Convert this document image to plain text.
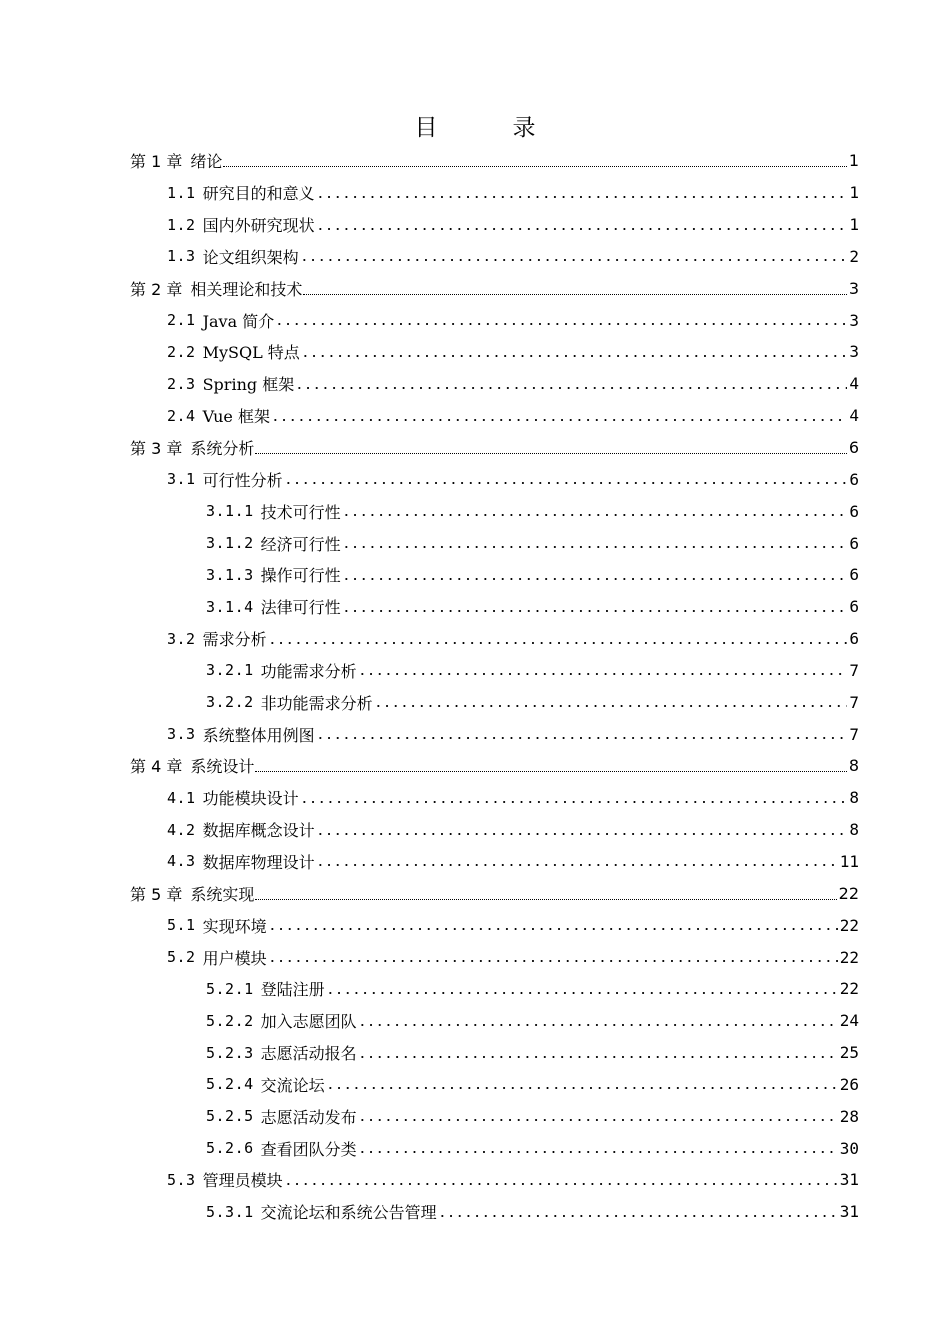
目　录
第 1 章 绪论	1
1.1 研究目的和意义	1
1.2 国内外研究现状	1
1.3 论文组织架构	2
第 2 章 相关理论和技术	3
2.1 Java 简介	3
2.2 MySQL 特点	3
2.3 Spring 框架	4
2.4 Vue 框架	4
第 3 章 系统分析	6
3.1 可行性分析	6
3.1.1 技术可行性	6
3.1.2 经济可行性	6
3.1.3 操作可行性	6
3.1.4 法律可行性	6
3.2 需求分析	6
3.2.1 功能需求分析	7
3.2.2 非功能需求分析	7
3.3 系统整体用例图	7
第 4 章 系统设计	8
4.1 功能模块设计	8
4.2 数据库概念设计	8
4.3 数据库物理设计	11
第 5 章 系统实现	22
5.1 实现环境	22
5.2 用户模块	22
5.2.1 登陆注册	22
5.2.2 加入志愿团队	24
5.2.3 志愿活动报名	25
5.2.4 交流论坛	26
5.2.5 志愿活动发布	28
5.2.6 查看团队分类	30
5.3 管理员模块	31
5.3.1 交流论坛和系统公告管理	31
